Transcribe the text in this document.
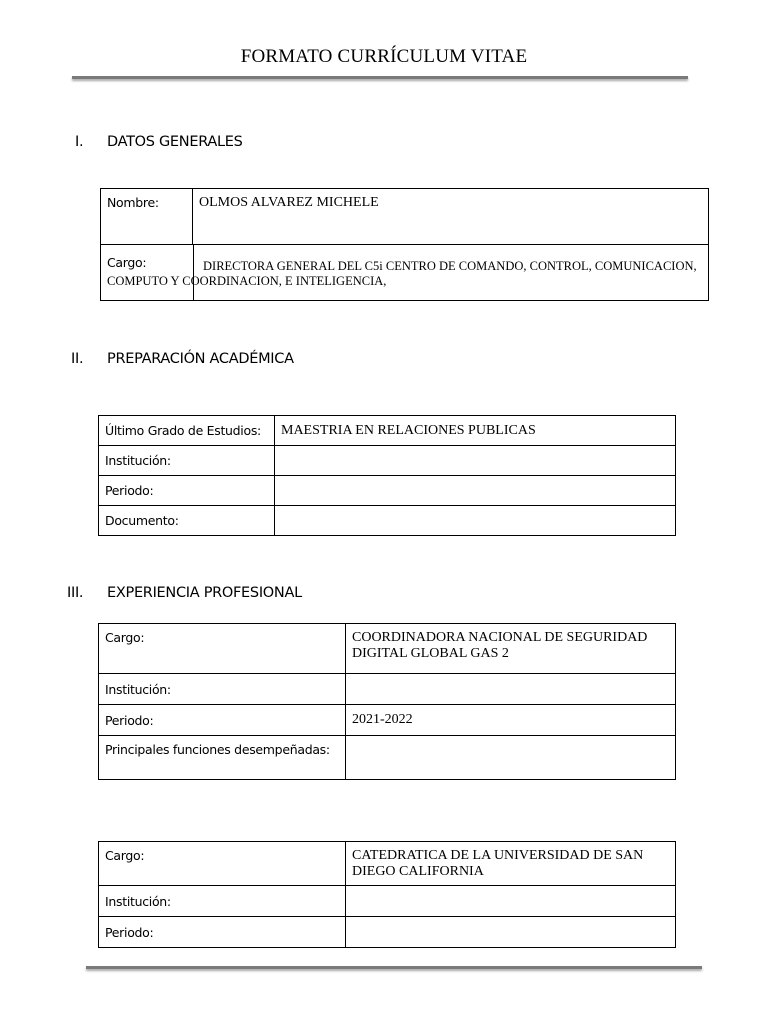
FORMATO CURRÍCULUM VITAE
I. DATOS GENERALES
Nombre:	OLMOS ALVAREZ MICHELE

Cargo:	DIRECTORA GENERAL DEL C5i CENTRO DE COMANDO, CONTROL, COMUNICACION,
COMPUTO Y COORDINACION, E INTELIGENCIA,
II. PREPARACIÓN ACADÉMICA
Último Grado de Estudios:	MAESTRIA EN RELACIONES PUBLICAS
Institución:	
Periodo:	
Documento:	
III. EXPERIENCIA PROFESIONAL
Cargo:	COORDINADORA NACIONAL DE SEGURIDAD DIGITAL GLOBAL GAS 2
Institución:	
Periodo:	2021-2022
Principales funciones desempeñadas:	
Cargo:	CATEDRATICA DE LA UNIVERSIDAD DE SAN DIEGO CALIFORNIA
Institución:	
Periodo:	
